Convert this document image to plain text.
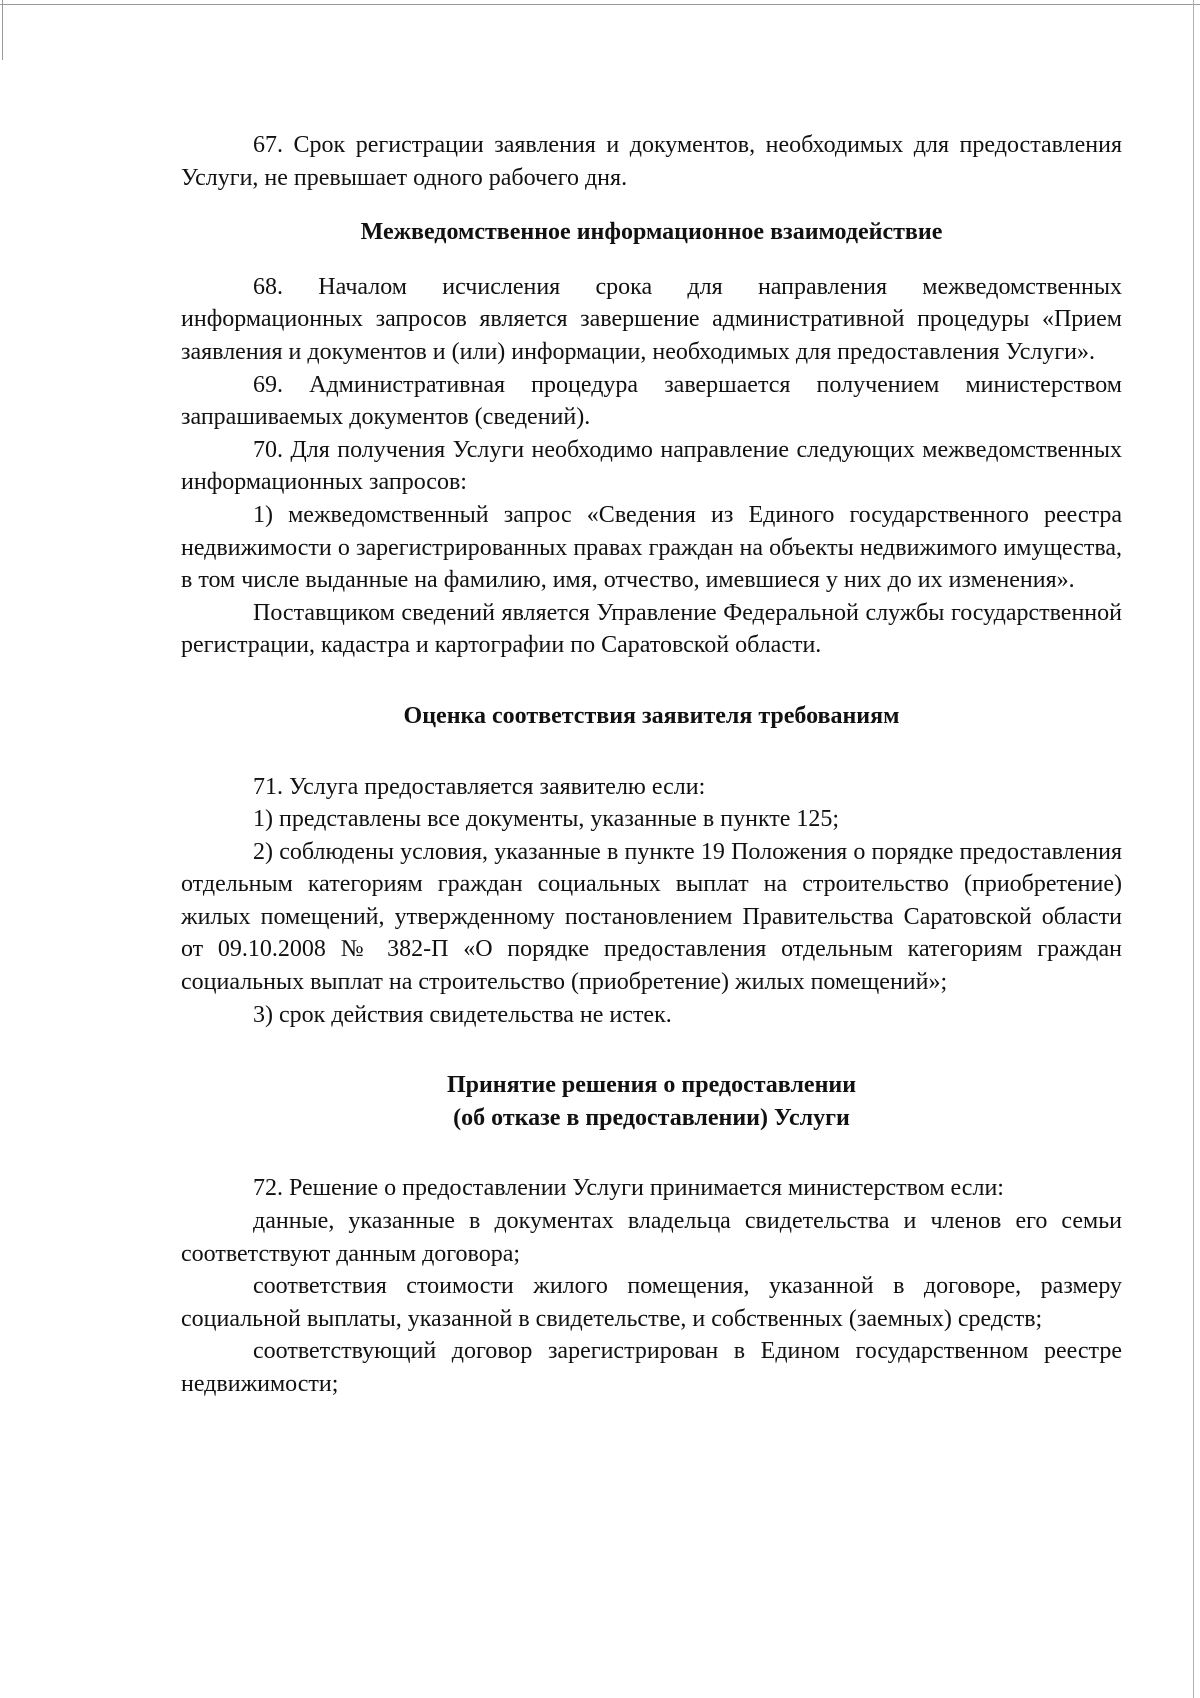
67. Срок регистрации заявления и документов, необходимых для предоставления Услуги, не превышает одного рабочего дня.

Межведомственное информационное взаимодействие

68. Началом исчисления срока для направления межведомственных информационных запросов является завершение административной процедуры «Прием заявления и документов и (или) информации, необходимых для предоставления Услуги».

69. Административная процедура завершается получением министерством запрашиваемых документов (сведений).

70. Для получения Услуги необходимо направление следующих межведомственных информационных запросов:

1) межведомственный запрос «Сведения из Единого государственного реестра недвижимости о зарегистрированных правах граждан на объекты недвижимого имущества, в том числе выданные на фамилию, имя, отчество, имевшиеся у них до их изменения».

Поставщиком сведений является Управление Федеральной службы государственной регистрации, кадастра и картографии по Саратовской области.

Оценка соответствия заявителя требованиям

71. Услуга предоставляется заявителю если:

1) представлены все документы, указанные в пункте 125;

2) соблюдены условия, указанные в пункте 19 Положения о порядке предоставления отдельным категориям граждан социальных выплат на строительство (приобретение) жилых помещений, утвержденному постановлением Правительства Саратовской области от 09.10.2008 № 382-П «О порядке предоставления отдельным категориям граждан социальных выплат на строительство (приобретение) жилых помещений»;

3) срок действия свидетельства не истек.

Принятие решения о предоставлении
(об отказе в предоставлении) Услуги

72. Решение о предоставлении Услуги принимается министерством если:

данные, указанные в документах владельца свидетельства и членов его семьи соответствуют данным договора;

соответствия стоимости жилого помещения, указанной в договоре, размеру социальной выплаты, указанной в свидетельстве, и собственных (заемных) средств;

соответствующий договор зарегистрирован в Едином государственном реестре недвижимости;
